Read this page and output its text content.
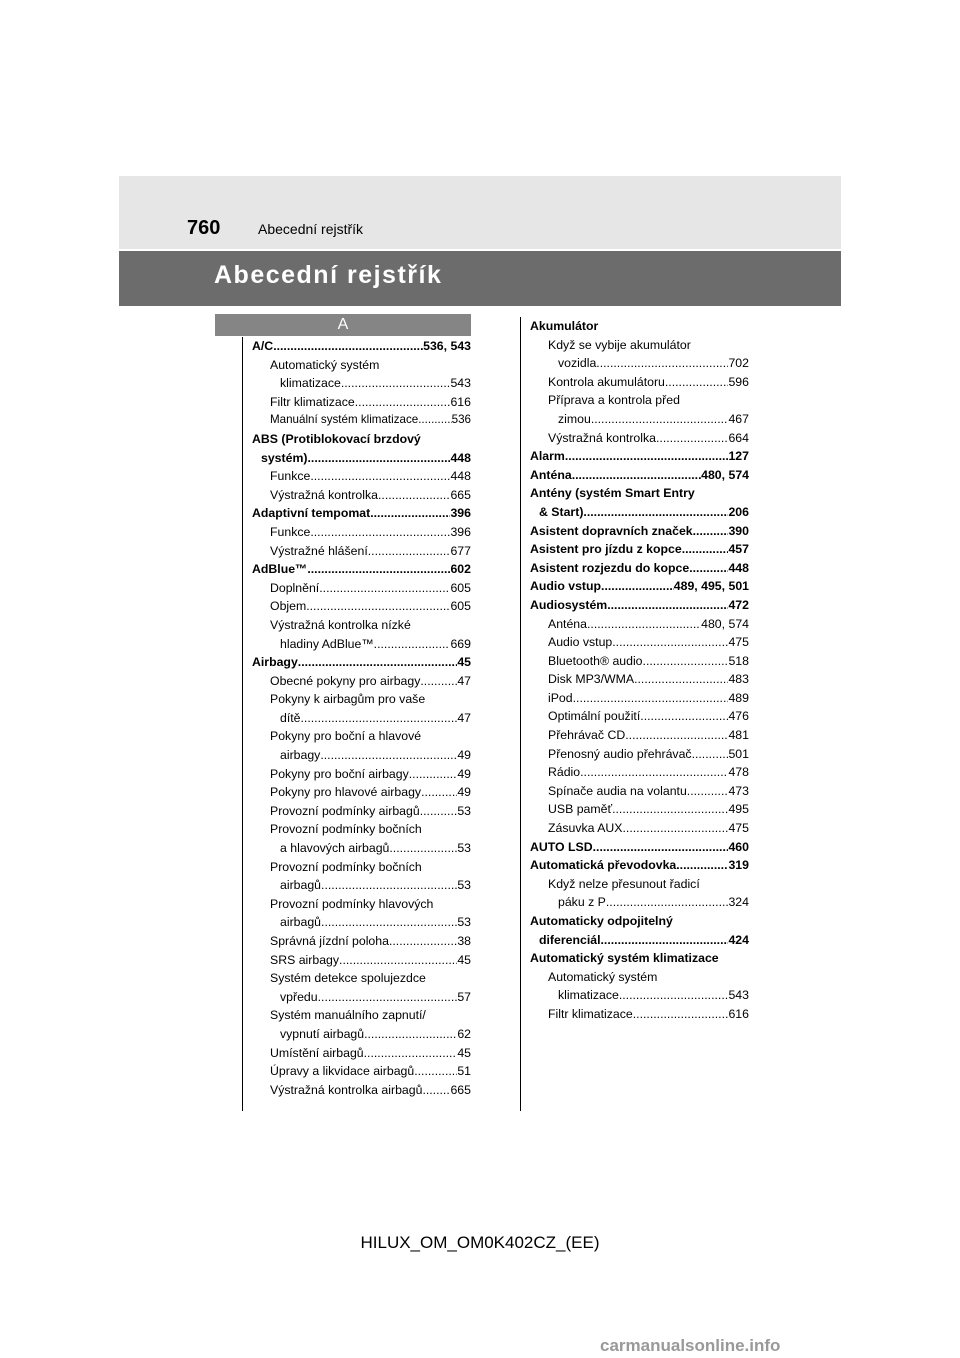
760	Abecední rejstřík
Abecední rejstřík
A
A/C .....	536, 543
Automatický systém
klimatizace .....	543
Filtr klimatizace .....	616
Manuální systém klimatizace .....	536
ABS (Protiblokovací brzdový
systém) .....	448
Funkce .....	448
Výstražná kontrolka .....	665
Adaptivní tempomat .....	396
Funkce .....	396
Výstražné hlášení .....	677
AdBlue™ .....	602
Doplnění .....	605
Objem .....	605
Výstražná kontrolka nízké
hladiny AdBlue™ .....	669
Airbagy .....	45
Obecné pokyny pro airbagy .....	47
Pokyny k airbagům pro vaše
dítě .....	47
Pokyny pro boční a hlavové
airbagy .....	49
Pokyny pro boční airbagy .....	49
Pokyny pro hlavové airbagy .....	49
Provozní podmínky airbagů .....	53
Provozní podmínky bočních
a hlavových airbagů .....	53
Provozní podmínky bočních
airbagů .....	53
Provozní podmínky hlavových
airbagů .....	53
Správná jízdní poloha .....	38
SRS airbagy .....	45
Systém detekce spolujezdce
vpředu .....	57
Systém manuálního zapnutí/
vypnutí airbagů .....	62
Umístění airbagů .....	45
Úpravy a likvidace airbagů .....	51
Výstražná kontrolka airbagů ..... 665
Akumulátor
Když se vybije akumulátor
vozidla .....	702
Kontrola akumulátoru .....	596
Příprava a kontrola před
zimou .....	467
Výstražná kontrolka .....	664
Alarm .....	127
Anténa .....	480, 574
Antény (systém Smart Entry
& Start) .....	206
Asistent dopravních značek .....	390
Asistent pro jízdu z kopce .....	457
Asistent rozjezdu do kopce .....	448
Audio vstup .....	489, 495, 501
Audiosystém .....	472
Anténa .....	480, 574
Audio vstup .....	475
Bluetooth® audio .....	518
Disk MP3/WMA .....	483
iPod .....	489
Optimální použití .....	476
Přehrávač CD .....	481
Přenosný audio přehrávač .....	501
Rádio .....	478
Spínače audia na volantu .....	473
USB paměť .....	495
Zásuvka AUX .....	475
AUTO LSD .....	460
Automatická převodovka .....	319
Když nelze přesunout řadicí
páku z P .....	324
Automaticky odpojitelný
diferenciál .....	424
Automatický systém klimatizace
Automatický systém
klimatizace .....	543
Filtr klimatizace .....	616
HILUX_OM_OM0K402CZ_(EE)
carmanualsonline.info
